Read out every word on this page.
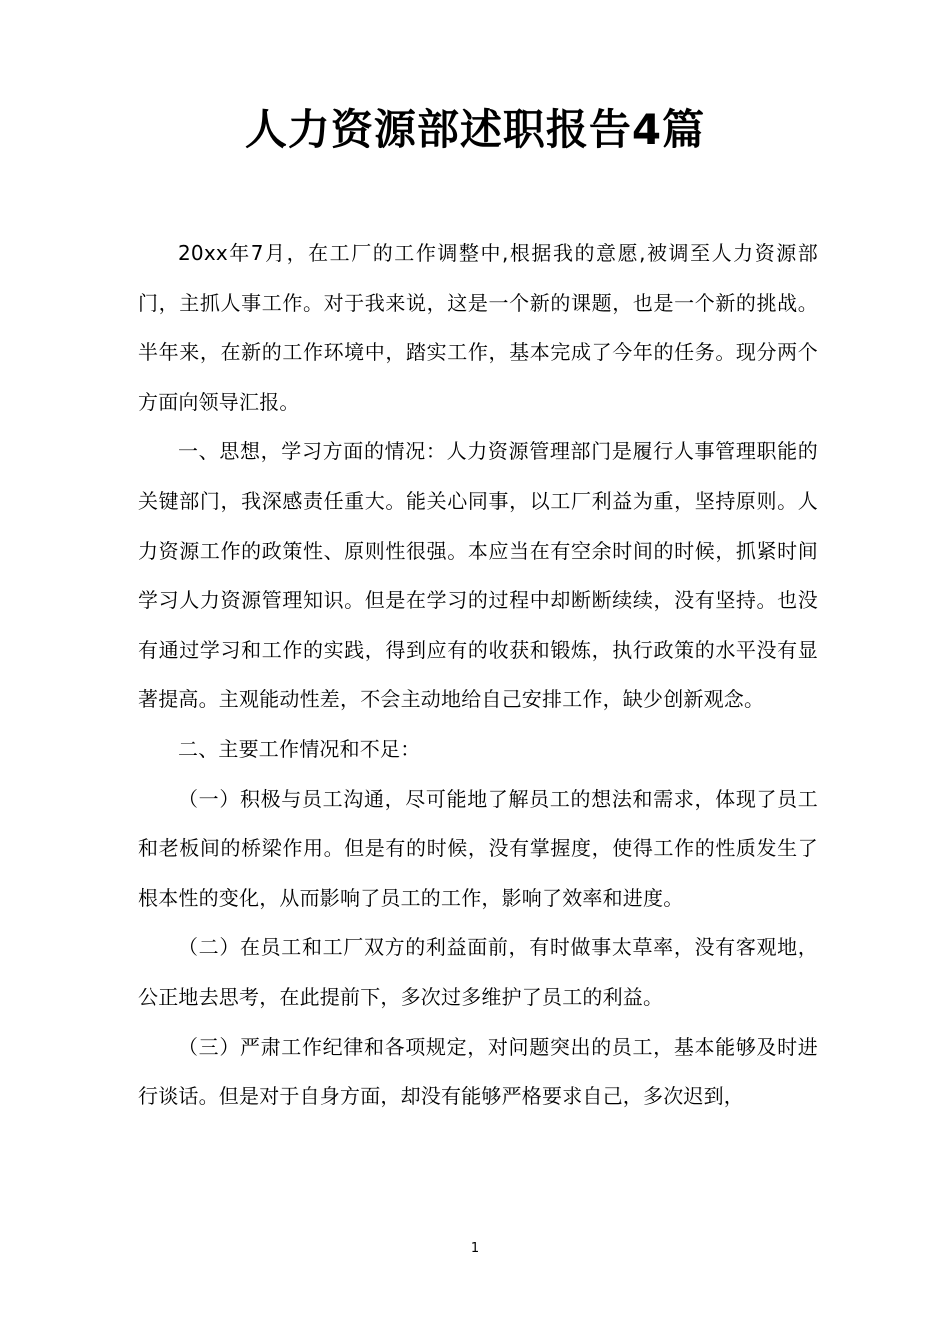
人力资源部述职报告4篇

20xx年7月，在工厂的工作调整中,根据我的意愿,被调至人力资源部门，主抓人事工作。对于我来说，这是一个新的课题，也是一个新的挑战。半年来，在新的工作环境中，踏实工作，基本完成了今年的任务。现分两个方面向领导汇报。

一、思想，学习方面的情况：人力资源管理部门是履行人事管理职能的关键部门，我深感责任重大。能关心同事，以工厂利益为重，坚持原则。人力资源工作的政策性、原则性很强。本应当在有空余时间的时候，抓紧时间学习人力资源管理知识。但是在学习的过程中却断断续续，没有坚持。也没有通过学习和工作的实践，得到应有的收获和锻炼，执行政策的水平没有显著提高。主观能动性差，不会主动地给自己安排工作，缺少创新观念。

二、主要工作情况和不足：

（一）积极与员工沟通，尽可能地了解员工的想法和需求，体现了员工和老板间的桥梁作用。但是有的时候，没有掌握度，使得工作的性质发生了根本性的变化，从而影响了员工的工作，影响了效率和进度。

（二）在员工和工厂双方的利益面前，有时做事太草率，没有客观地，公正地去思考，在此提前下，多次过多维护了员工的利益。

（三）严肃工作纪律和各项规定，对问题突出的员工，基本能够及时进行谈话。但是对于自身方面，却没有能够严格要求自己，多次迟到，

1
